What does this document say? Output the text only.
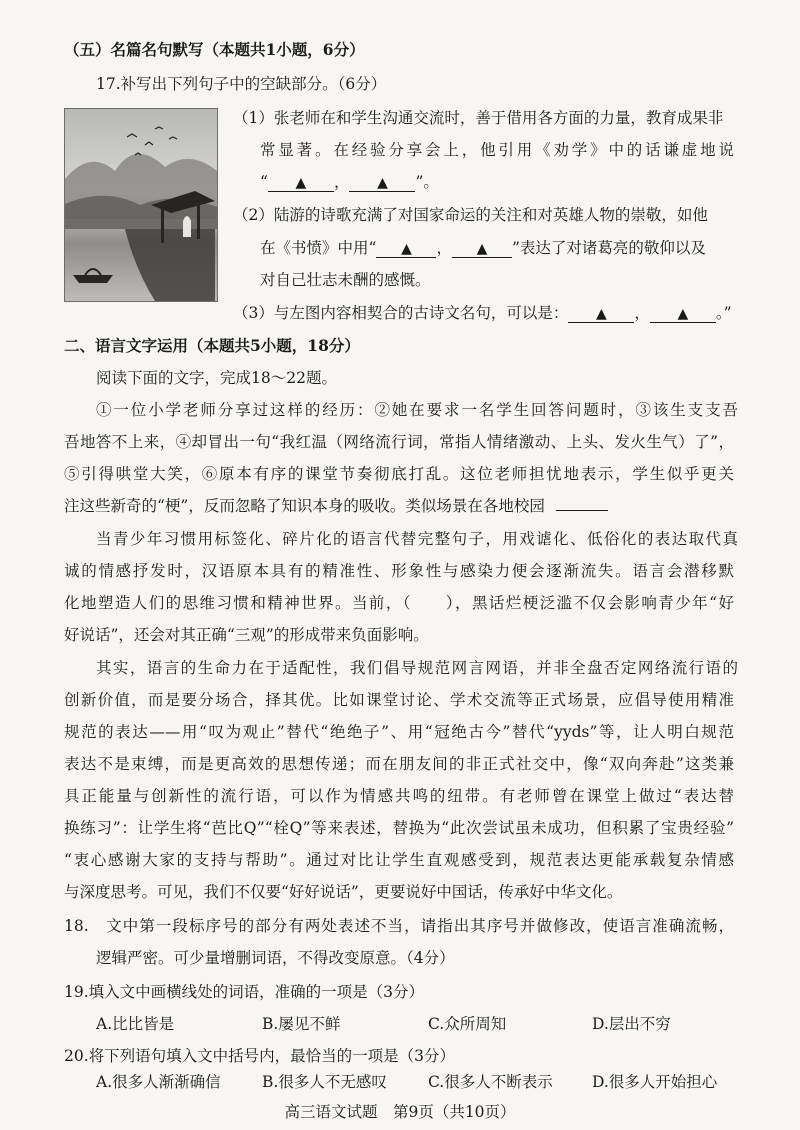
（五）名篇名句默写（本题共1小题，6分）
17.补写出下列句子中的空缺部分。（6分）
（1）张老师在和学生沟通交流时，善于借用各方面的力量，教育成果非
常显著。在经验分享会上，他引用《劝学》中的话谦虚地说
“ ▲ ， ▲ ”。
（2）陆游的诗歌充满了对国家命运的关注和对英雄人物的崇敬，如他
在《书愤》中用“ ▲ ， ▲ ”表达了对诸葛亮的敬仰以及
对自己壮志未酬的感慨。
（3）与左图内容相契合的古诗文名句，可以是： ▲ ， ▲ 。”
二、语言文字运用（本题共5小题，18分）
阅读下面的文字，完成18～22题。
①一位小学老师分享过这样的经历：②她在要求一名学生回答问题时，③该生支支吾
吾地答不上来，④却冒出一句“我红温（网络流行词，常指人情绪激动、上头、发火生气）了”，
⑤引得哄堂大笑，⑥原本有序的课堂节奏彻底打乱。这位老师担忧地表示，学生似乎更关
注这些新奇的“梗”，反而忽略了知识本身的吸收。类似场景在各地校园
当青少年习惯用标签化、碎片化的语言代替完整句子，用戏谑化、低俗化的表达取代真
诚的情感抒发时，汉语原本具有的精准性、形象性与感染力便会逐渐流失。语言会潜移默
化地塑造人们的思维习惯和精神世界。当前，（　　），黑话烂梗泛滥不仅会影响青少年“好
好说话”，还会对其正确“三观”的形成带来负面影响。
其实，语言的生命力在于适配性，我们倡导规范网言网语，并非全盘否定网络流行语的
创新价值，而是要分场合，择其优。比如课堂讨论、学术交流等正式场景，应倡导使用精准
规范的表达——用“叹为观止”替代“绝绝子”、用“冠绝古今”替代“yyds”等，让人明白规范
表达不是束缚，而是更高效的思想传递；而在朋友间的非正式社交中，像“双向奔赴”这类兼
具正能量与创新性的流行语，可以作为情感共鸣的纽带。有老师曾在课堂上做过“表达替
换练习”：让学生将“芭比Q”“栓Q”等来表述，替换为“此次尝试虽未成功，但积累了宝贵经验”
“衷心感谢大家的支持与帮助”。通过对比让学生直观感受到，规范表达更能承载复杂情感
与深度思考。可见，我们不仅要“好好说话”，更要说好中国话，传承好中华文化。
18.　文中第一段标序号的部分有两处表述不当，请指出其序号并做修改，使语言准确流畅，
逻辑严密。可少量增删词语，不得改变原意。（4分）
19.填入文中画横线处的词语，准确的一项是（3分）
A.比比皆是	B.屡见不鲜	C.众所周知	D.层出不穷
20.将下列语句填入文中括号内，最恰当的一项是（3分）
A.很多人渐渐确信	B.很多人不无感叹	C.很多人不断表示	D.很多人开始担心
高三语文试题　第9页（共10页）
